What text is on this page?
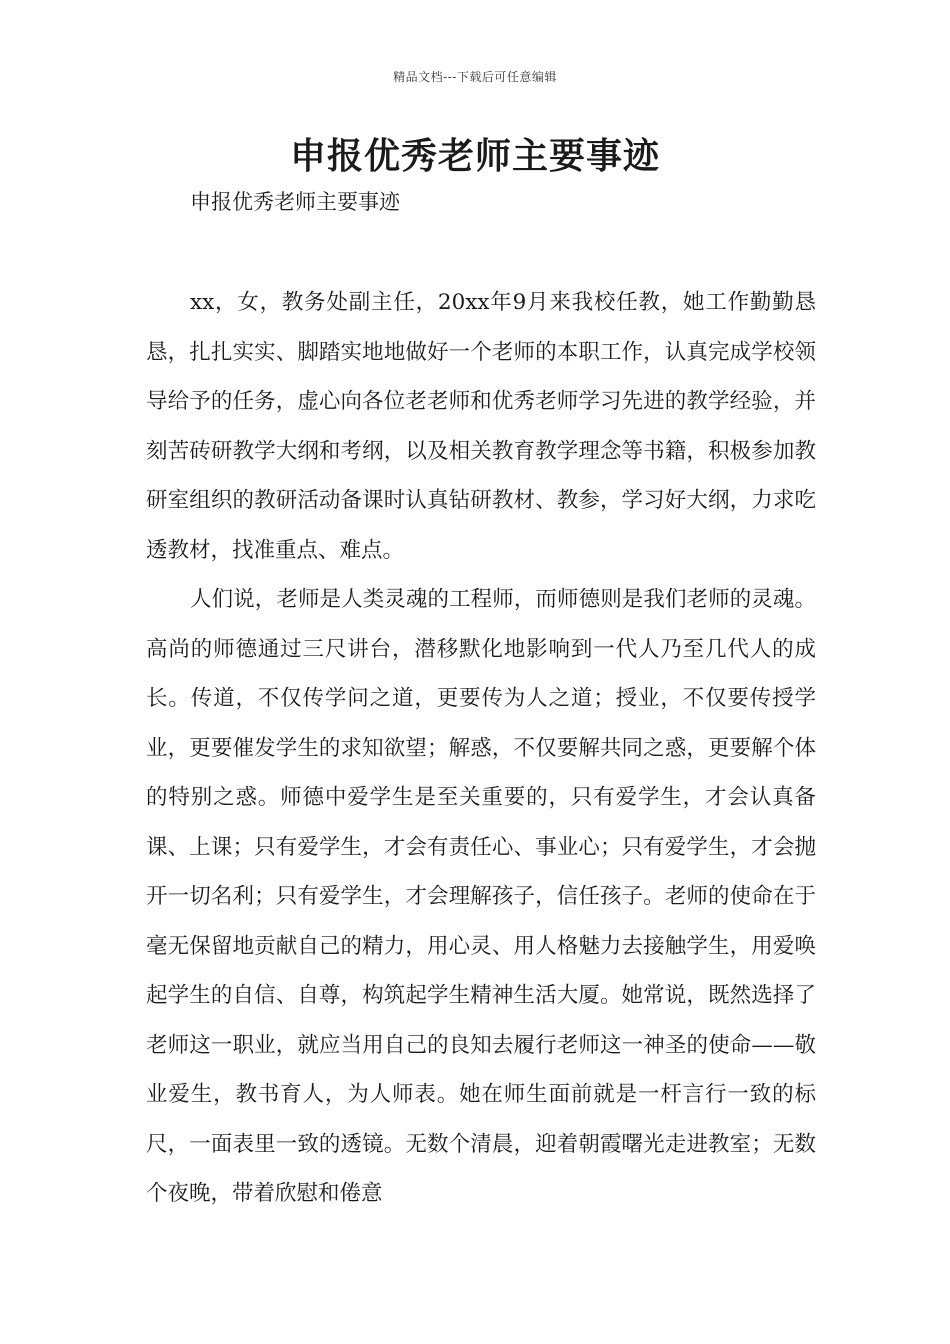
精品文档---下载后可任意编辑
申报优秀老师主要事迹

申报优秀老师主要事迹

xx，女，教务处副主任，20xx年9月来我校任教，她工作勤勤恳恳，扎扎实实、脚踏实地地做好一个老师的本职工作，认真完成学校领导给予的任务，虚心向各位老老师和优秀老师学习先进的教学经验，并刻苦砖研教学大纲和考纲，以及相关教育教学理念等书籍，积极参加教研室组织的教研活动备课时认真钻研教材、教参，学习好大纲，力求吃透教材，找准重点、难点。

人们说，老师是人类灵魂的工程师，而师德则是我们老师的灵魂。高尚的师德通过三尺讲台，潜移默化地影响到一代人乃至几代人的成长。传道，不仅传学问之道，更要传为人之道；授业，不仅要传授学业，更要催发学生的求知欲望；解惑，不仅要解共同之惑，更要解个体的特别之惑。师德中爱学生是至关重要的，只有爱学生，才会认真备课、上课；只有爱学生，才会有责任心、事业心；只有爱学生，才会抛开一切名利；只有爱学生，才会理解孩子，信任孩子。老师的使命在于毫无保留地贡献自己的精力，用心灵、用人格魅力去接触学生，用爱唤起学生的自信、自尊，构筑起学生精神生活大厦。她常说，既然选择了老师这一职业，就应当用自己的良知去履行老师这一神圣的使命——敬业爱生，教书育人，为人师表。她在师生面前就是一杆言行一致的标尺，一面表里一致的透镜。无数个清晨，迎着朝霞曙光走进教室；无数个夜晚，带着欣慰和倦意
